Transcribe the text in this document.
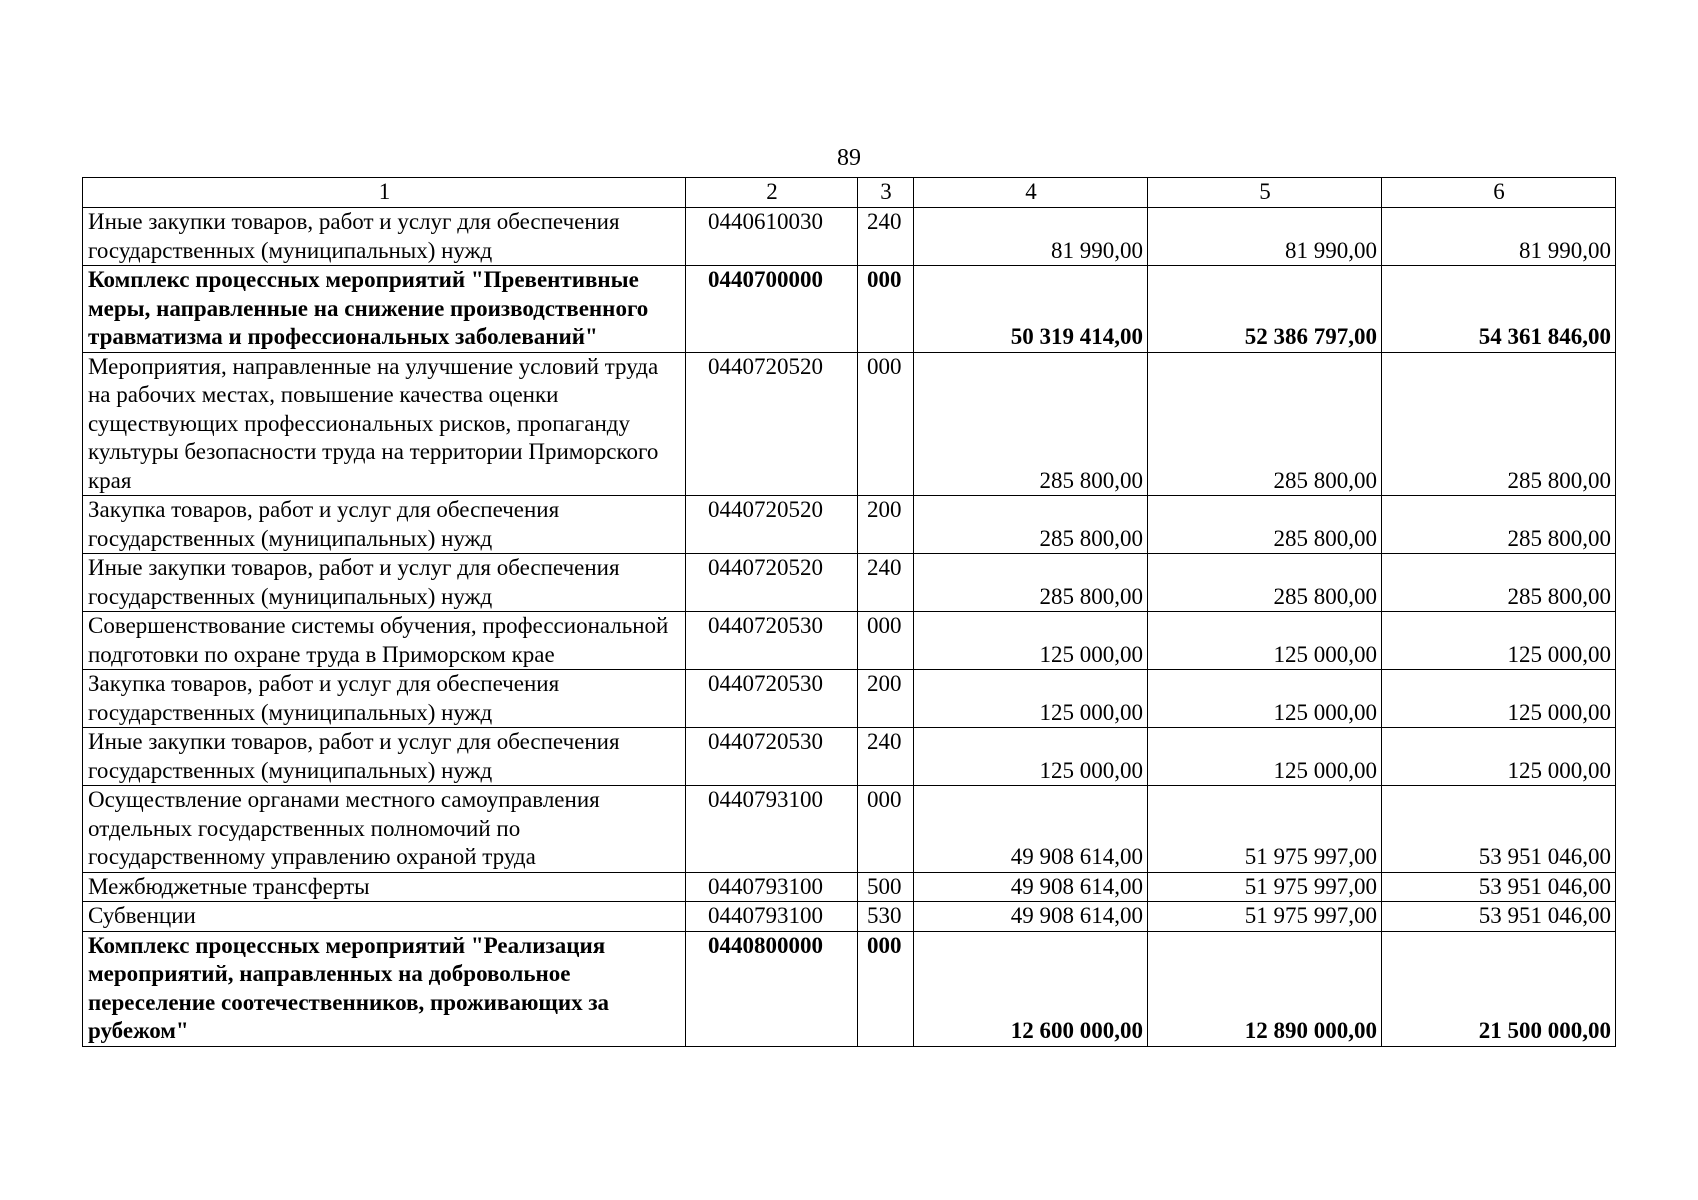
89
1	2	3	4	5	6
Иные закупки товаров, работ и услуг для обеспечения государственных (муниципальных) нужд	0440610030	240	81 990,00	81 990,00	81 990,00
Комплекс процессных мероприятий "Превентивные меры, направленные на снижение производственного травматизма и профессиональных заболеваний"	0440700000	000	50 319 414,00	52 386 797,00	54 361 846,00
Мероприятия, направленные на улучшение условий труда на рабочих местах, повышение качества оценки существующих профессиональных рисков, пропаганду культуры безопасности труда на территории Приморского края	0440720520	000	285 800,00	285 800,00	285 800,00
Закупка товаров, работ и услуг для обеспечения государственных (муниципальных) нужд	0440720520	200	285 800,00	285 800,00	285 800,00
Иные закупки товаров, работ и услуг для обеспечения государственных (муниципальных) нужд	0440720520	240	285 800,00	285 800,00	285 800,00
Совершенствование системы обучения, профессиональной подготовки по охране труда в Приморском крае	0440720530	000	125 000,00	125 000,00	125 000,00
Закупка товаров, работ и услуг для обеспечения государственных (муниципальных) нужд	0440720530	200	125 000,00	125 000,00	125 000,00
Иные закупки товаров, работ и услуг для обеспечения государственных (муниципальных) нужд	0440720530	240	125 000,00	125 000,00	125 000,00
Осуществление органами местного самоуправления отдельных государственных полномочий по государственному управлению охраной труда	0440793100	000	49 908 614,00	51 975 997,00	53 951 046,00
Межбюджетные трансферты	0440793100	500	49 908 614,00	51 975 997,00	53 951 046,00
Субвенции	0440793100	530	49 908 614,00	51 975 997,00	53 951 046,00
Комплекс процессных мероприятий "Реализация мероприятий, направленных на добровольное переселение соотечественников, проживающих за рубежом"	0440800000	000	12 600 000,00	12 890 000,00	21 500 000,00
